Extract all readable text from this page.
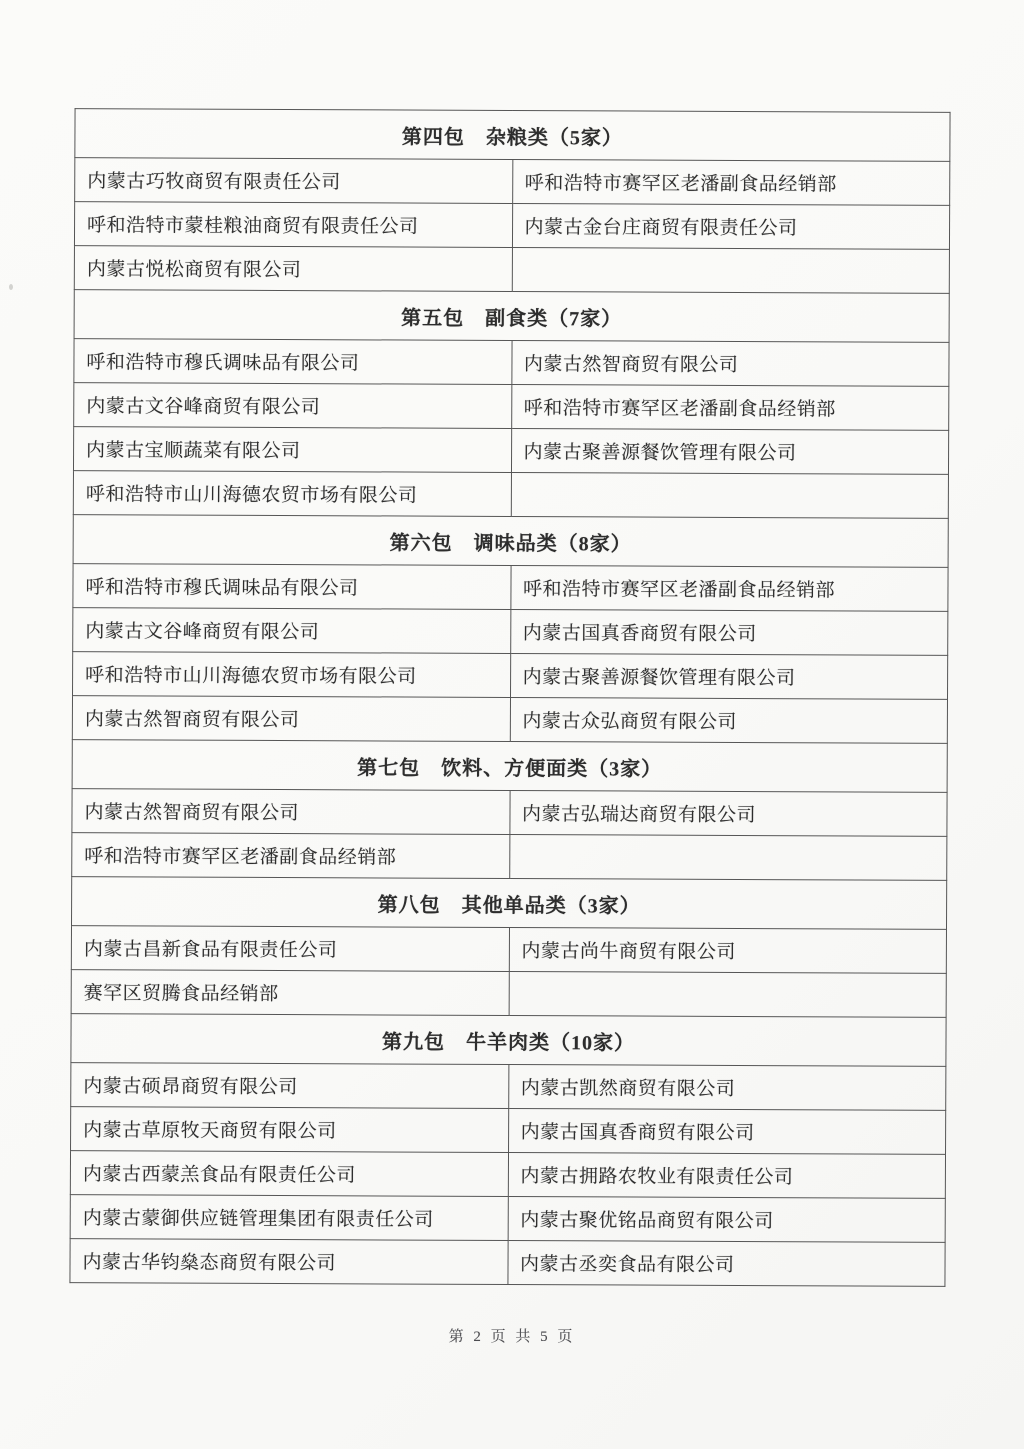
第四包　杂粮类（5家）	
内蒙古巧牧商贸有限责任公司	呼和浩特市赛罕区老潘副食品经销部
呼和浩特市蒙桂粮油商贸有限责任公司	内蒙古金台庄商贸有限责任公司
内蒙古悦松商贸有限公司	
第五包　副食类（7家）	
呼和浩特市穆氏调味品有限公司	内蒙古然智商贸有限公司
内蒙古文谷峰商贸有限公司	呼和浩特市赛罕区老潘副食品经销部
内蒙古宝顺蔬菜有限公司	内蒙古聚善源餐饮管理有限公司
呼和浩特市山川海德农贸市场有限公司	
第六包　调味品类（8家）	
呼和浩特市穆氏调味品有限公司	呼和浩特市赛罕区老潘副食品经销部
内蒙古文谷峰商贸有限公司	内蒙古国真香商贸有限公司
呼和浩特市山川海德农贸市场有限公司	内蒙古聚善源餐饮管理有限公司
内蒙古然智商贸有限公司	内蒙古众弘商贸有限公司
第七包　饮料、方便面类（3家）	
内蒙古然智商贸有限公司	内蒙古弘瑞达商贸有限公司
呼和浩特市赛罕区老潘副食品经销部	
第八包　其他单品类（3家）	
内蒙古昌新食品有限责任公司	内蒙古尚牛商贸有限公司
赛罕区贸腾食品经销部	
第九包　牛羊肉类（10家）	
内蒙古硕昂商贸有限公司	内蒙古凯然商贸有限公司
内蒙古草原牧天商贸有限公司	内蒙古国真香商贸有限公司
内蒙古西蒙羔食品有限责任公司	内蒙古拥路农牧业有限责任公司
内蒙古蒙御供应链管理集团有限责任公司	内蒙古聚优铭品商贸有限公司
内蒙古华钧燊态商贸有限公司	内蒙古丞奕食品有限公司
第 2 页 共 5 页
